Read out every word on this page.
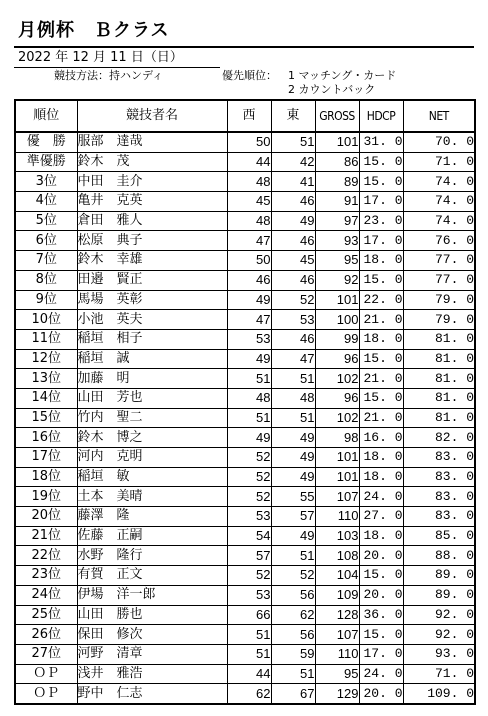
月例杯　Ｂクラス
2022 年 12 月 11 日（日）
競技方法：持ハンディ	優先順位： 1 マッチング・カード
2 カウントバック
順位	競技者名	西	東	GROSS	HDCP	NET
優　勝	服部　達哉	50	51	101	31. 0	70. 0
準優勝	鈴木　茂	44	42	86	15. 0	71. 0
3位	中田　圭介	48	41	89	15. 0	74. 0
4位	亀井　克英	45	46	91	17. 0	74. 0
5位	倉田　雅人	48	49	97	23. 0	74. 0
6位	松原　典子	47	46	93	17. 0	76. 0
7位	鈴木　幸雄	50	45	95	18. 0	77. 0
8位	田邉　賢正	46	46	92	15. 0	77. 0
9位	馬場　英彰	49	52	101	22. 0	79. 0
10位	小池　英夫	47	53	100	21. 0	79. 0
11位	稲垣　相子	53	46	99	18. 0	81. 0
12位	稲垣　誠	49	47	96	15. 0	81. 0
13位	加藤　明	51	51	102	21. 0	81. 0
14位	山田　芳也	48	48	96	15. 0	81. 0
15位	竹内　聖二	51	51	102	21. 0	81. 0
16位	鈴木　博之	49	49	98	16. 0	82. 0
17位	河内　克明	52	49	101	18. 0	83. 0
18位	稲垣　敏	52	49	101	18. 0	83. 0
19位	土本　美晴	52	55	107	24. 0	83. 0
20位	藤澤　隆	53	57	110	27. 0	83. 0
21位	佐藤　正嗣	54	49	103	18. 0	85. 0
22位	水野　隆行	57	51	108	20. 0	88. 0
23位	有賀　正文	52	52	104	15. 0	89. 0
24位	伊場　洋一郎	53	56	109	20. 0	89. 0
25位	山田　勝也	66	62	128	36. 0	92. 0
26位	保田　修次	51	56	107	15. 0	92. 0
27位	河野　清章	51	59	110	17. 0	93. 0
ＯＰ	浅井　雅浩	44	51	95	24. 0	71. 0
ＯＰ	野中　仁志	62	67	129	20. 0	109. 0
